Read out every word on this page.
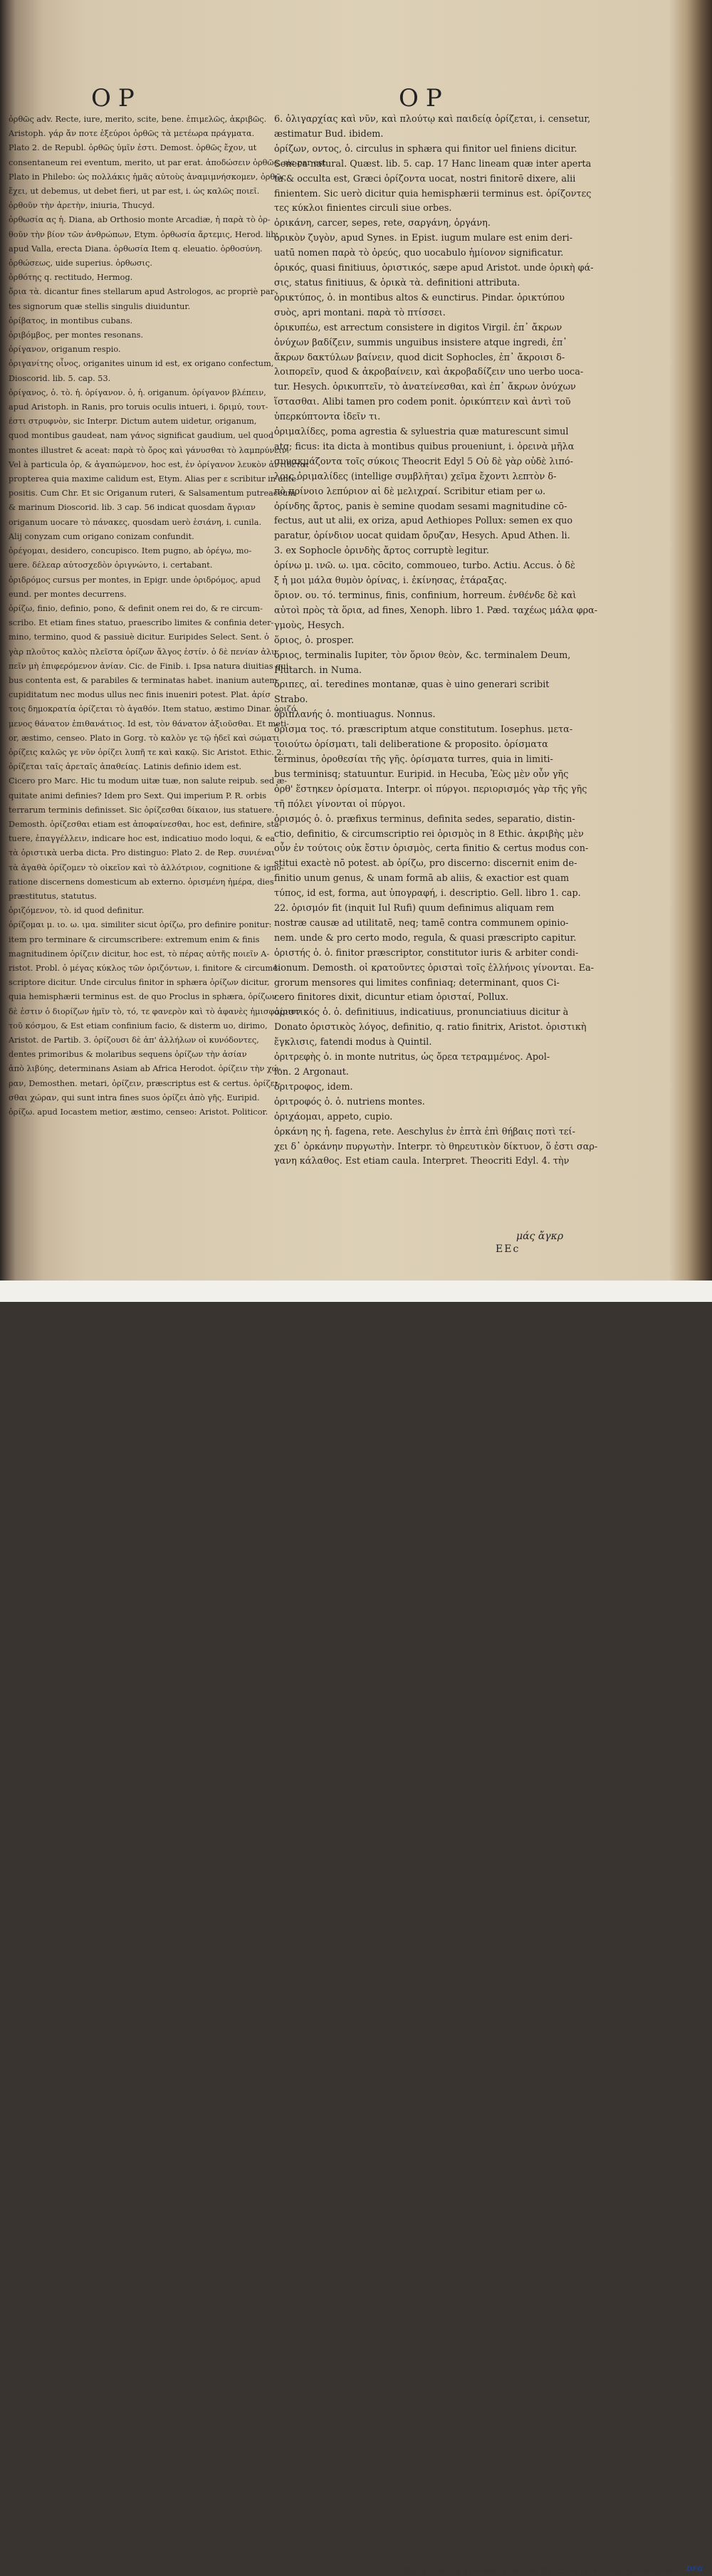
OP	OP

ὀρθῶς adv. Recte, iure, merito, scite, bene. ἐπιμελῶς, ἀκριβῶς.

Aristoph. γάρ ἄν ποτε ἐξεύροι ὀρθῶς τὰ μετέωρα πράγματα.

Plato 2. de Republ. ὀρθῶς ὑμῖν ἐστι. Demost. ὀρθῶς ἔχον, ut

consentaneum rei eventum, merito, ut par erat. ἀποδώσειν ὀρθῶς, sic par est.

Plato in Philebo: ὡς πολλάκις ἡμᾶς αὐτοὺς ἀναμιμνήσκομεν, ὀρθῶς

ἔχει, ut debemus, ut debet fieri, ut par est, i. ὡς καλῶς ποιεῖ.

ὀρθοῦν τὴν ἀρετὴν, iniuria, Thucyd.

ὀρθωσία ας ἡ. Diana, ab Orthosio monte Arcadiæ, ἡ παρὰ τὸ ὀρ-

θοῦν τὴν βίον τῶν ἀνθρώπων, Etym. ὀρθωσία ἄρτεμις, Herod. lib.

apud Valla, erecta Diana. ὀρθωσία Item q. eleuatio. ὀρθοσύνη.

ὀρθώσεως, uide superius. ὀρθωσις.

ὀρθότης q. rectitudo, Hermog.

ὄρια τὰ. dicantur fines stellarum apud Astrologos, ac propriè par-

tes signorum quæ stellis singulis diuiduntur.

ὀρίβατος, in montibus cubans.

ὀριβόμβος, per montes resonans.

ὀρίγανον, origanum respio.

ὀριγανίτης οἶνος, origanites uinum id est, ex origano confectum,

Dioscorid. lib. 5. cap. 53.

ὀρίγανος, ὁ. τὸ. ἡ. ὀρίγανον. ὁ, ἡ. origanum. ὀρίγανον βλέπειν,

apud Aristoph. in Ranis, pro toruis oculis intueri, i. δριμύ, τουτ-

έστι στρυφνὸν, sic Interpr. Dictum autem uidetur, origanum,

quod montibus gaudeat, nam γάνος significat gaudium, uel quod

montes illustret & aceat: παρὰ τὸ ὄρος καὶ γάνυσθαι τὸ λαμπρύνειν.

Vel à particula ὀρ, & ἀγαπώμενον, hoc est, ἐν ὀρίγανον λευκὸν ἀντίθεται

propterea quia maxime calidum est, Etym. Alias per ε scribitur in ante-

positis. Cum Chr. Et sic Origanum ruteri, & Salsamentum putreaceum

& marinum Dioscorid. lib. 3 cap. 56 indicat quosdam ἄγριαν

origanum uocare τὸ πάνακες, quosdam uerò ἑσιάνη, i. cunila.

Alij conyzam cum origano conizam confundit.

ὀρέγομαι, desidero, concupisco. Item pugno, ab ὀρέγω, mo-

uere. δέλεαρ αὐτοσχεδὸν ὀριγνώντο, i. certabant.

ὀριδρόμος cursus per montes, in Epigr. unde ὀριδρόμος, apud

eund. per montes decurrens.

ὁρίζω, finio, definio, pono, & definit onem rei do, & re circum-

scribo. Et etiam fines statuo, praescribo limites & confinia deter-

mino, termino, quod & passiuè dicitur. Euripides Select. Sent. ὁ

γὰρ πλοῦτος καλὸς πλεῖστα ὁρίζων ἄλγος ἐστίν. ὁ δὲ πενίαν ἀλυ

πεῖν μὴ ἐπιφερόμενον ἀνίαν. Cic. de Finib. i. Ipsa natura diuitias qui-

bus contenta est, & parabiles & terminatas habet. inanium autem

cupiditatum nec modus ullus nec finis inueniri potest. Plat. ἀρίσ

τοις δημοκρατία ὁρίζεται τὸ ἀγαθόν. Item statuo, æstimo Dinar. ὁριζό

μενος θάνατον ἐπιθανάτιος. Id est, τὸν θάνατον ἀξιοῦσθαι. Et meti-

or, æstimo, censeo. Plato in Gorg. τὸ καλὸν γε τῷ ἡδεῖ καὶ σώματι

ὁρίζεις καλῶς γε νῦν ὁρίζει λυπῆ τε καὶ κακῷ. Sic Aristot. Ethic. 2.

ὁρίζεται ταῖς ἀρεταῖς ἀπαθείας. Latinis definio idem est.

Cicero pro Marc. Hic tu modum uitæ tuæ, non salute reipub. sed æ-

quitate animi definies? Idem pro Sext. Qui imperium P. R. orbis

terrarum terminis definisset. Sic ὁρίζεσθαι δίκαιον, ius statuere.

Demosth. ὁρίζεσθαι etiam est ἀποφαίνεσθαι, hoc est, definire, sta-

tuere, ἐπαγγέλλειν, indicare hoc est, indicatiuo modo loqui, & ea

τὰ ὁριστικὰ uerba dicta. Pro distinguo: Plato 2. de Rep. συνιέναι

τὰ ἀγαθὰ ὁρίζομεν τὸ οἰκεῖον καὶ τὸ ἀλλότριον, cognitione & igno-

ratione discernens domesticum ab externo. ὁρισμένη ἡμέρα, dies

præstitutus, statutus.

ὁριζόμενον, τὸ. id quod definitur.

ὁρίζομαι μ. ιο. ω. ιμα. similiter sicut ὁρίζω, pro definire ponitur:

item pro terminare & circumscribere: extremum enim & finis

magnitudinem ὁρίζειν dicitur, hoc est, τὸ πέρας αὐτῆς ποιεῖν A-

ristot. Probl. ὁ μέγας κύκλος τῶν ὁριζόντων, i. finitore & circume-

scriptore dicitur. Unde circulus finitor in sphæra ὁρίζων dicitur,

quia hemisphærii terminus est. de quo Proclus in sphæra, ὁρίζων

δὲ ἐστιν ὁ διορίζων ἡμῖν τὸ, τό, τε φανερὸν καὶ τὸ ἀφανὲς ἡμισφαίριον

τοῦ κόσμου, & Est etiam confinium facio, & disterm uo, dirimo,

Aristot. de Partib. 3. ὁρίζουσι δὲ ἀπ' ἀλλήλων οἱ κυνόδοντες,

dentes primoribus & molaribus sequens ὁρίζων τὴν ἀσίαν

ἀπὸ λιβύης, determinans Asiam ab Africa Herodot. ὁρίζειν τὴν χώ-

ραν, Demosthen. metari, ὁρίζειν, præscriptus est & certus. ὁρίζει-

σθαι χώραν, qui sunt intra fines suos ὁρίζει ἀπὸ γῆς. Euripid.

ὁρίζω. apud Iocastem metior, æstimo, censeo: Aristot. Politicor.

6. ὀλιγαρχίας καὶ νῦν, καὶ πλούτῳ καὶ παιδείᾳ ὁρίζεται, i. censetur,

æstimatur Bud. ibidem.

ὁρίζων, οντος, ὁ. circulus in sphæra qui finitor uel finiens dicitur.

Seneca natural. Quæst. lib. 5. cap. 17 Hanc lineam quæ inter aperta

ta & occulta est, Græci ὁρίζοντα uocat, nostri finitorē dixere, alii

finientem. Sic uerò dicitur quia hemisphærii terminus est. ὁρίζοντες

τες κύκλοι finientes circuli siue orbes.

ὀρικάνη, carcer, sepes, rete, σαργάνη, ὀργάνη.

ὀρικὸν ζυγὸν, apud Synes. in Epist. iugum mulare est enim deri-

uatū nomen παρὰ τὸ ὀρεύς, quo uocabulo ἡμίονον significatur.

ὁρικός, quasi finitiuus, ὁριστικός, sæpe apud Aristot. unde ὁρικὴ φά-

σις, status finitiuus, & ὁρικὰ τὰ. definitioni attributa.

ὀρικτύπος, ὁ. in montibus altos & eunctirus. Pindar. ὀρικτύπου

συὸς, apri montani. παρὰ τὸ πτίσσει.

ὀρικυπέω, est arrectum consistere in digitos Virgil. ἐπ᾽ ἄκρων

ὀνύχων βαδίζειν, summis unguibus insistere atque ingredi, ἐπ᾽

ἄκρων δακτύλων βαίνειν, quod dicit Sophocles, ἐπ᾽ ἄκροισι δ-

λοιπορεῖν, quod & ἀκροβαίνειν, καὶ ἀκροβαδίζειν uno uerbo uoca-

tur. Hesych. ὀρικυπτεῖν, τὸ ἀνατείνεσθαι, καὶ ἐπ᾽ ἄκρων ὀνύχων

ἵστασθαι. Alibi tamen pro codem ponit. ὀρικύπτειν καὶ ἀντὶ τοῦ

ὑπερκύπτοντα ἰδεῖν τι.

ὀριμαλίδες, poma agrestia & syluestria quæ maturescunt simul

atq; ficus: ita dicta à montibus quibus proueniunt, i. ὀρεινὰ μῆλα

συνακμάζοντα τοῖς σύκοις Theocrit Edyl 5 Οὐ δὲ γὰρ οὐδὲ λιπό-

λοις ὀριμαλίδες (intellige συμβλῆται) χεῖμα ἔχοντι λεπτὸν δ-

πὸ πρίνοιο λεπύριον αἱ δὲ μελιχραί. Scribitur etiam per ω.

ὀρίνδης ἄρτος, panis è semine quodam sesami magnitudine cō-

fectus, aut ut alii, ex oriza, apud Aethiopes Pollux: semen ex quo

paratur, ὀρίνδιον uocat quidam ὄρυζαν, Hesych. Apud Athen. li.

3. ex Sophocle ὀρινδὴς ἄρτος corruptè legitur.

ὀρίνω μ. ινῶ. ω. ιμα. cōcito, commoueo, turbo. Actiu. Accus. ὁ δὲ

ξ ἡ μοι μάλα θυμὸν ὀρίνας, i. ἐκίνησας, ἐτάραξας.

ὅριον. ου. τό. terminus, finis, confinium, horreum. ἐνθένδε δὲ καὶ

αὐτοὶ πρὸς τὰ ὅρια, ad fines, Xenoph. libro 1. Pæd. ταχέως μάλα φρα-

γμοὺς, Hesych.

ὅριος, ὁ. prosper.

ὅριος, terminalis Iupiter, τὸν ὅριον θεὸν, &c. terminalem Deum,

Plutarch. in Numa.

ὄριπες, αἱ. teredines montanæ, quas è uino generari scribit

Strabo.

ὀριπλανής ὁ. montiuagus. Nonnus.

ὅρισμα τος. τό. præscriptum atque constitutum. Iosephus. μετα-

τοιούτω ὁρίσματι, tali deliberatione & proposito. ὁρίσματα

terminus, ὁροθεσίαι τῆς γῆς. ὁρίσματα turres, quia in limiti-

bus terminisq; statuuntur. Euripid. in Hecuba, Ἐὼς μὲν οὖν γῆς

ὀρθ' ἕστηκεν ὁρίσματα. Interpr. οἱ πύργοι. περιορισμός γὰρ τῆς γῆς

τῆ πόλει γίνονται οἱ πύργοι.

ὁρισμός ὁ. ὁ. præfixus terminus, definita sedes, separatio, distin-

ctio, definitio, & circumscriptio rei ὁρισμὸς in 8 Ethic. ἀκριβὴς μὲν

οὖν ἐν τούτοις οὐκ ἔστιν ὁρισμὸς, certa finitio & certus modus con-

stitui exactè nō potest. ab ὁρίζω, pro discerno: discernit enim de-

finitio unum genus, & unam formā ab aliis, & exactior est quam

τύπος, id est, forma, aut ὑπογραφή, i. descriptio. Gell. libro 1. cap.

22. ὁρισμόν fit (inquit Iul Rufi) quum definimus aliquam rem

nostræ causæ ad utilitatē, neq; tamē contra communem opinio-

nem. unde & pro certo modo, regula, & quasi præscripto capitur.

ὁριστής ὁ. ὁ. finitor præscriptor, constitutor iuris & arbiter condi-

tionum. Demosth. οἱ κρατοῦντες ὁρισταὶ τοῖς ἑλλήνοις γίνονται. Ea-

grorum mensores qui limites confiniaq; determinant, quos Ci-

cero finitores dixit, dicuntur etiam ὁρισταί, Pollux.

ὁριστικός ὁ. ὁ. definitiuus, indicatiuus, pronunciatiuus dicitur à

Donato ὁριστικὸς λόγος, definitio, q. ratio finitrix, Aristot. ὁριστικὴ

ἔγκλισις, fatendi modus à Quintil.

ὀριτρεφὴς ὁ. in monte nutritus, ὡς ὄρεα τετραμμένος. Apol-

lon. 2 Argonaut.

ὀριτροφος, idem.

ὀριτροφός ὁ. ὁ. nutriens montes.

ὀριχάομαι, appeto, cupio.

ὀρκάνη ης ἡ. fagena, rete. Aeschylus ἐν ἑπτὰ ἐπὶ θήβαις ποτὶ τεί-

χει δ᾽ ὀρκάνην πυργωτὴν. Interpr. τὸ θηρευτικὸν δίκτυον, ὅ ἐστι σαρ-

γανη κάλαθος. Est etiam caula. Interpret. Theocriti Edyl. 4. τὴν

μάς ἄγκρ
EEc
Digitalisierung gefördert durch die Deutsche Forschungsgemeinschaft · DFG
